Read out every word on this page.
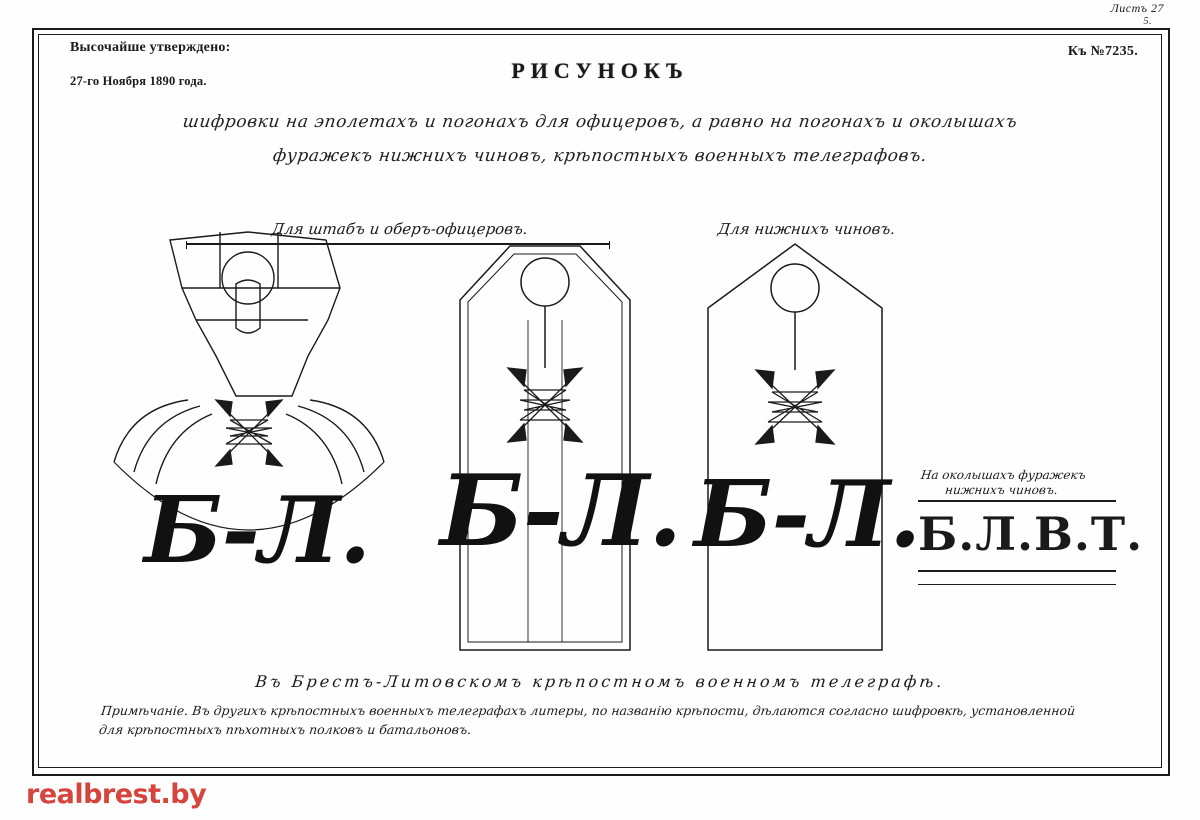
Листъ 27
5.
Высочайше утверждено:
27-го Ноября 1890 года.
Къ №7235.
РИСУНОКЪ
шифровки на эполетахъ и погонахъ для офицеровъ, а равно на погонахъ и околышахъ
фуражекъ нижнихъ чиновъ, крѣпостныхъ военныхъ телеграфовъ.
Для штабъ и оберъ-офицеровъ.	Для нижнихъ чиновъ.
Б-Л. Б-Л. Б-Л. На околышахъ фуражекъ
нижнихъ чиновъ.
Б.Л.В.Т.
Въ Брестъ-Литовскомъ крѣпостномъ военномъ телеграфѣ.
Примѣчаніе. Въ другихъ крѣпостныхъ военныхъ телеграфахъ литеры, по названію крѣпости, дѣлаются согласно шифровкѣ, установленной для крѣпостныхъ пѣхотныхъ полковъ и батальоновъ.
realbrest.by
